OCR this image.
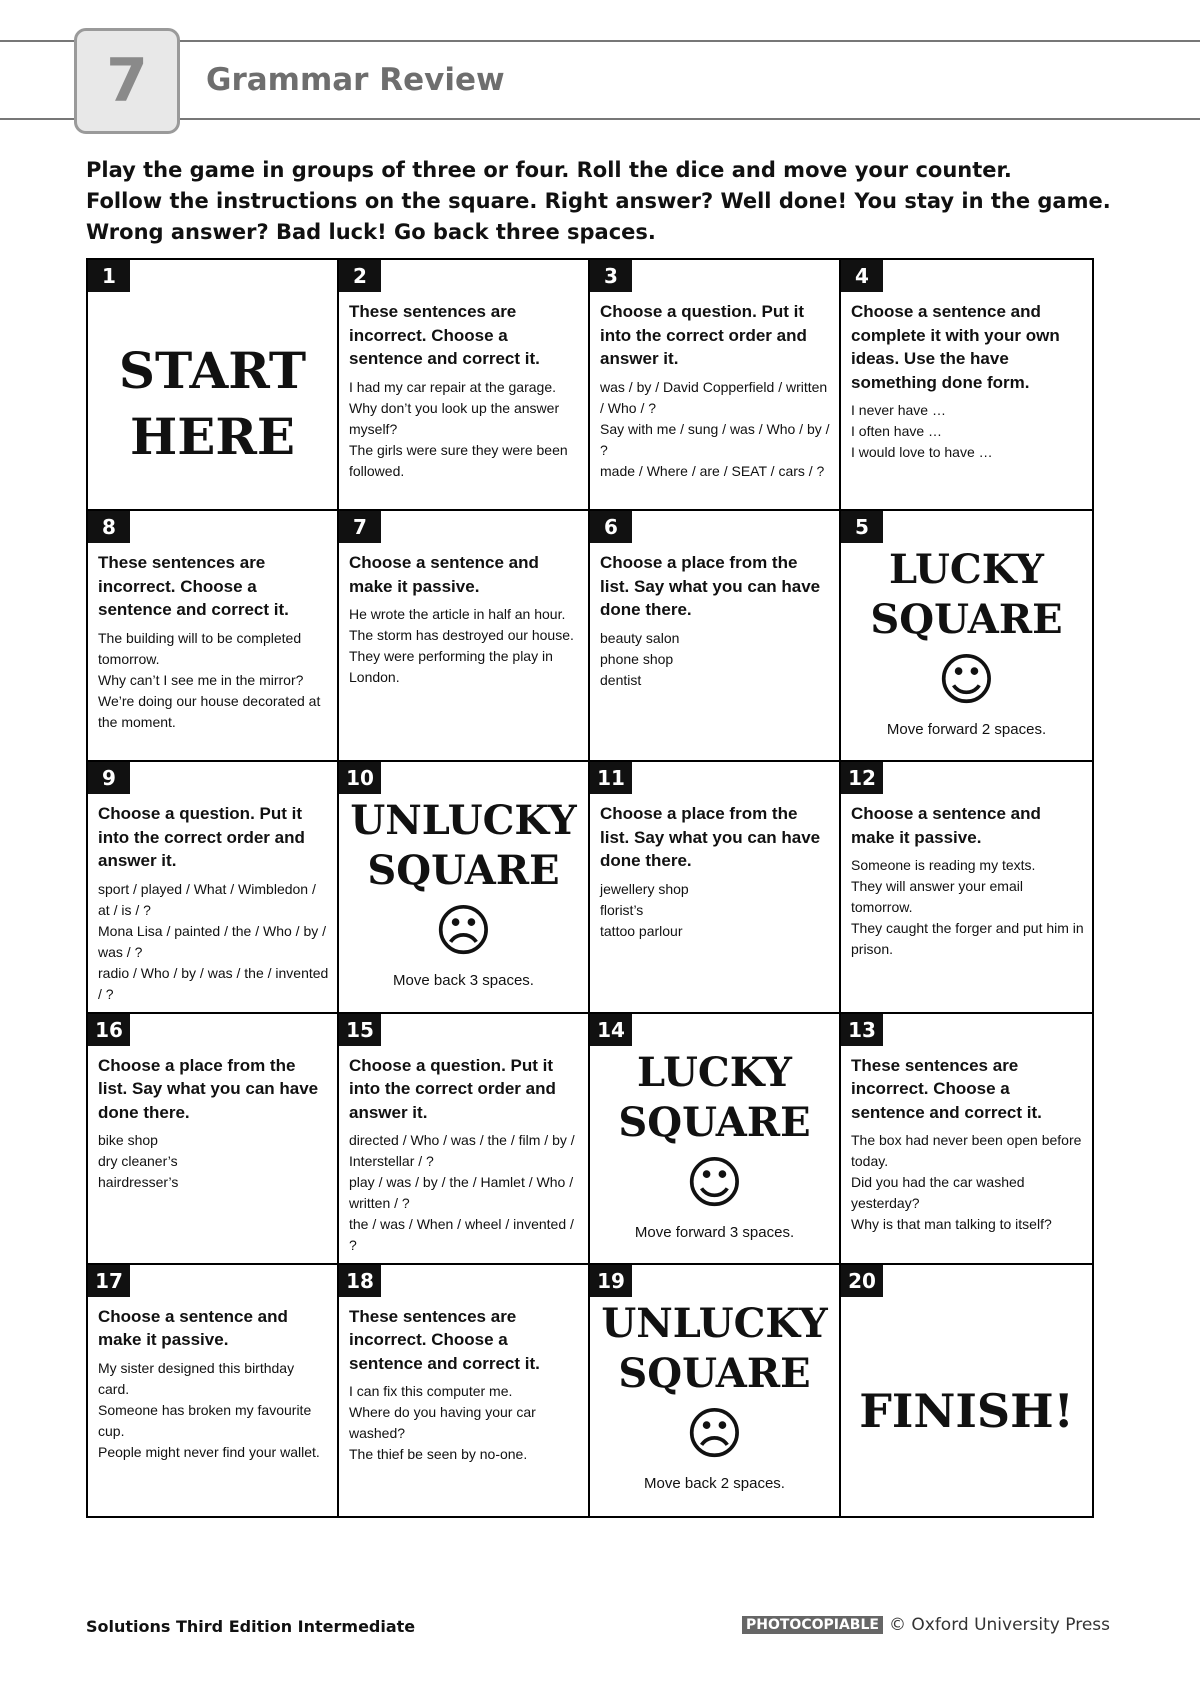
7 Grammar Review
Play the game in groups of three or four. Roll the dice and move your counter.
Follow the instructions on the square. Right answer? Well done! You stay in the game.
Wrong answer? Bad luck! Go back three spaces.
1
START
HERE
2
These sentences are incorrect. Choose a sentence and correct it.
I had my car repair at the garage.
Why don’t you look up the answer myself?
The girls were sure they were been followed.
3
Choose a question. Put it into the correct order and answer it.
was / by / David Copperfield / written / Who / ?
Say with me / sung / was / Who / by / ?
made / Where / are / SEAT / cars / ?
4
Choose a sentence and complete it with your own ideas. Use the have something done form.
I never have …
I often have …
I would love to have …
8
These sentences are incorrect. Choose a sentence and correct it.
The building will to be completed tomorrow.
Why can’t I see me in the mirror?
We’re doing our house decorated at the moment.
7
Choose a sentence and make it passive.
He wrote the article in half an hour.
The storm has destroyed our house.
They were performing the play in London.
6
Choose a place from the list. Say what you can have done there.
beauty salon
phone shop
dentist
5
LUCKY
SQUARE
☺
Move forward 2 spaces.
9
Choose a question. Put it into the correct order and answer it.
sport / played / What / Wimbledon / at / is / ?
Mona Lisa / painted / the / Who / by / was / ?
radio / Who / by / was / the / invented / ?
10
UNLUCKY
SQUARE
☹
Move back 3 spaces.
11
Choose a place from the list. Say what you can have done there.
jewellery shop
florist’s
tattoo parlour
12
Choose a sentence and make it passive.
Someone is reading my texts.
They will answer your email tomorrow.
They caught the forger and put him in prison.
16
Choose a place from the list. Say what you can have done there.
bike shop
dry cleaner’s
hairdresser’s
15
Choose a question. Put it into the correct order and answer it.
directed / Who / was / the / film / by / Interstellar / ?
play / was / by / the / Hamlet / Who / written / ?
the / was / When / wheel / invented / ?
14
LUCKY
SQUARE
☺
Move forward 3 spaces.
13
These sentences are incorrect. Choose a sentence and correct it.
The box had never been open before today.
Did you had the car washed yesterday?
Why is that man talking to itself?
17
Choose a sentence and make it passive.
My sister designed this birthday card.
Someone has broken my favourite cup.
People might never find your wallet.
18
These sentences are incorrect. Choose a sentence and correct it.
I can fix this computer me.
Where do you having your car washed?
The thief be seen by no-one.
19
UNLUCKY
SQUARE
☹
Move back 2 spaces.
20
FINISH!
Solutions Third Edition Intermediate	PHOTOCOPIABLE © Oxford University Press
